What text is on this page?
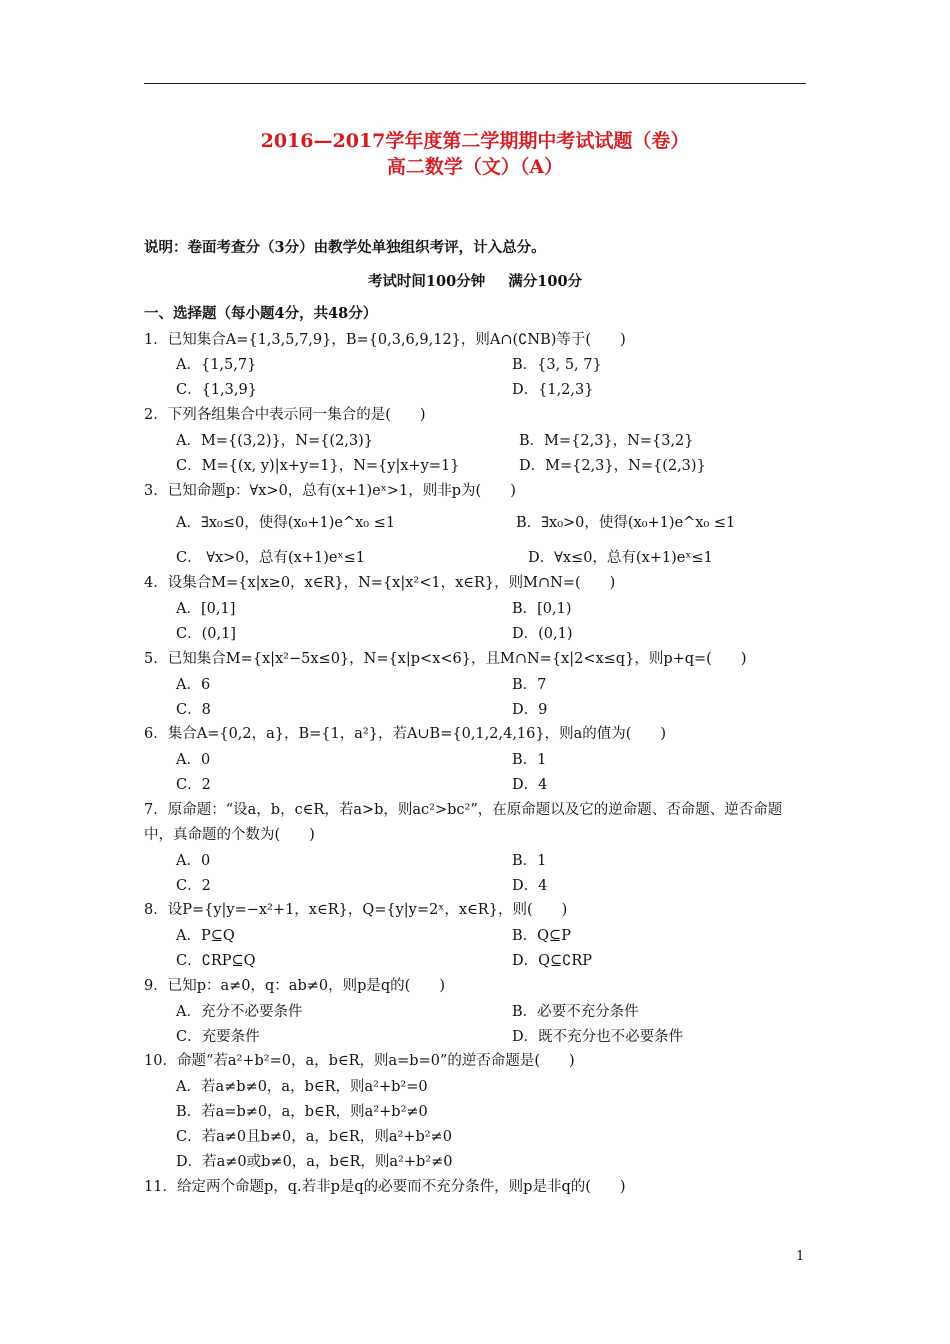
2016—2017学年度第二学期期中考试试题（卷）
高二数学（文）（A）
说明：卷面考查分（3分）由教学处单独组织考评，计入总分。
考试时间100分钟 满分100分
一、选择题（每小题4分，共48分）
1．已知集合A={1,3,5,7,9}，B={0,3,6,9,12}，则A∩(∁NB)等于(　　)
A．{1,5,7}	B．{3, 5, 7}
C．{1,3,9}	D．{1,2,3}
2．下列各组集合中表示同一集合的是(　　)
A．M={(3,2)}，N={(2,3)}	B．M={2,3}，N={3,2}
C．M={(x, y)|x+y=1}，N={y|x+y=1}	D．M={2,3}，N={(2,3)}
3．已知命题p：∀x>0，总有(x+1)eˣ>1，则非p为(　　)
A．∃x₀≤0，使得(x₀+1)e^x₀ ≤1	B．∃x₀>0，使得(x₀+1)e^x₀ ≤1
C． ∀x>0，总有(x+1)eˣ≤1	D．∀x≤0，总有(x+1)eˣ≤1
4．设集合M={x|x≥0，x∈R}，N={x|x²<1，x∈R}，则M∩N=(　　)
A．[0,1]	B．[0,1)
C．(0,1]	D．(0,1)
5．已知集合M={x|x²−5x≤0}，N={x|p<x<6}，且M∩N={x|2<x≤q}，则p+q=(　　)
A．6	B．7
C．8	D．9
6．集合A={0,2，a}，B={1，a²}，若A∪B={0,1,2,4,16}，则a的值为(　　)
A．0	B．1
C．2	D．4
7．原命题：“设a，b，c∈R，若a>b，则ac²>bc²”，在原命题以及它的逆命题、否命题、逆否命题中，真命题的个数为(　　)
A．0	B．1
C．2	D．4
8．设P={y|y=−x²+1，x∈R}，Q={y|y=2ˣ，x∈R}，则(　　)
A．P⊆Q	B．Q⊆P
C．∁RP⊆Q	D．Q⊆∁RP
9．已知p：a≠0，q：ab≠0，则p是q的(　　)
A．充分不必要条件	B．必要不充分条件
C．充要条件	D．既不充分也不必要条件
10．命题“若a²+b²=0，a，b∈R，则a=b=0”的逆否命题是(　　)
A．若a≠b≠0，a，b∈R，则a²+b²=0
B．若a=b≠0，a，b∈R，则a²+b²≠0
C．若a≠0且b≠0，a，b∈R，则a²+b²≠0
D．若a≠0或b≠0，a，b∈R，则a²+b²≠0
11．给定两个命题p，q.若非p是q的必要而不充分条件，则p是非q的(　　)
1
